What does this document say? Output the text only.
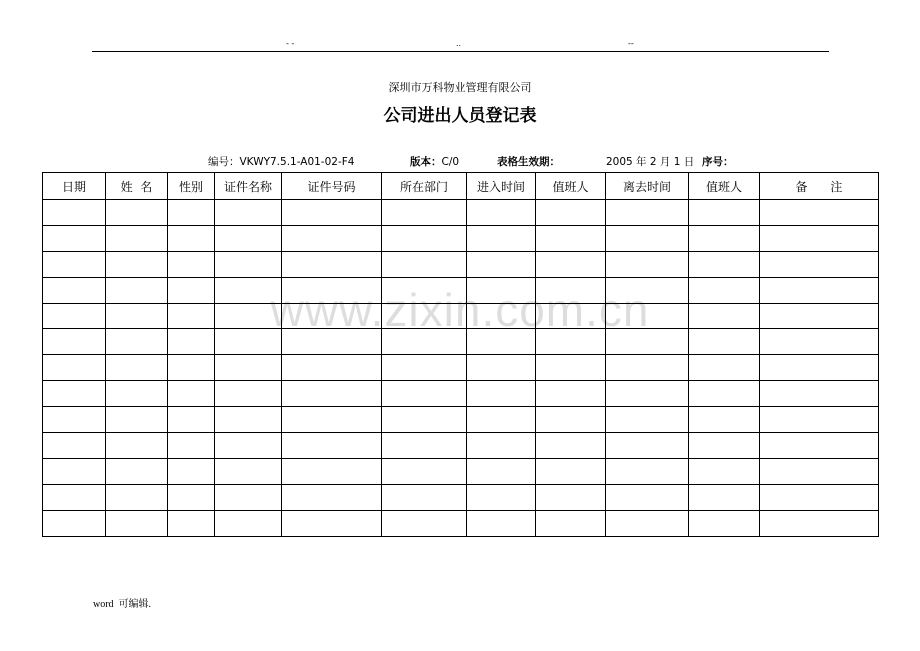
- -	..	--
深圳市万科物业管理有限公司
公司进出人员登记表
编号：VKWY7.5.1-A01-02-F4	版本：C/0	表格生效期：	2005 年 2 月 1 日 序号：
日期	姓  名	性别	证件名称	证件号码	所在部门	进入时间	值班人	离去时间	值班人	备      注

www.zixin.com.cn
word  可编辑.
